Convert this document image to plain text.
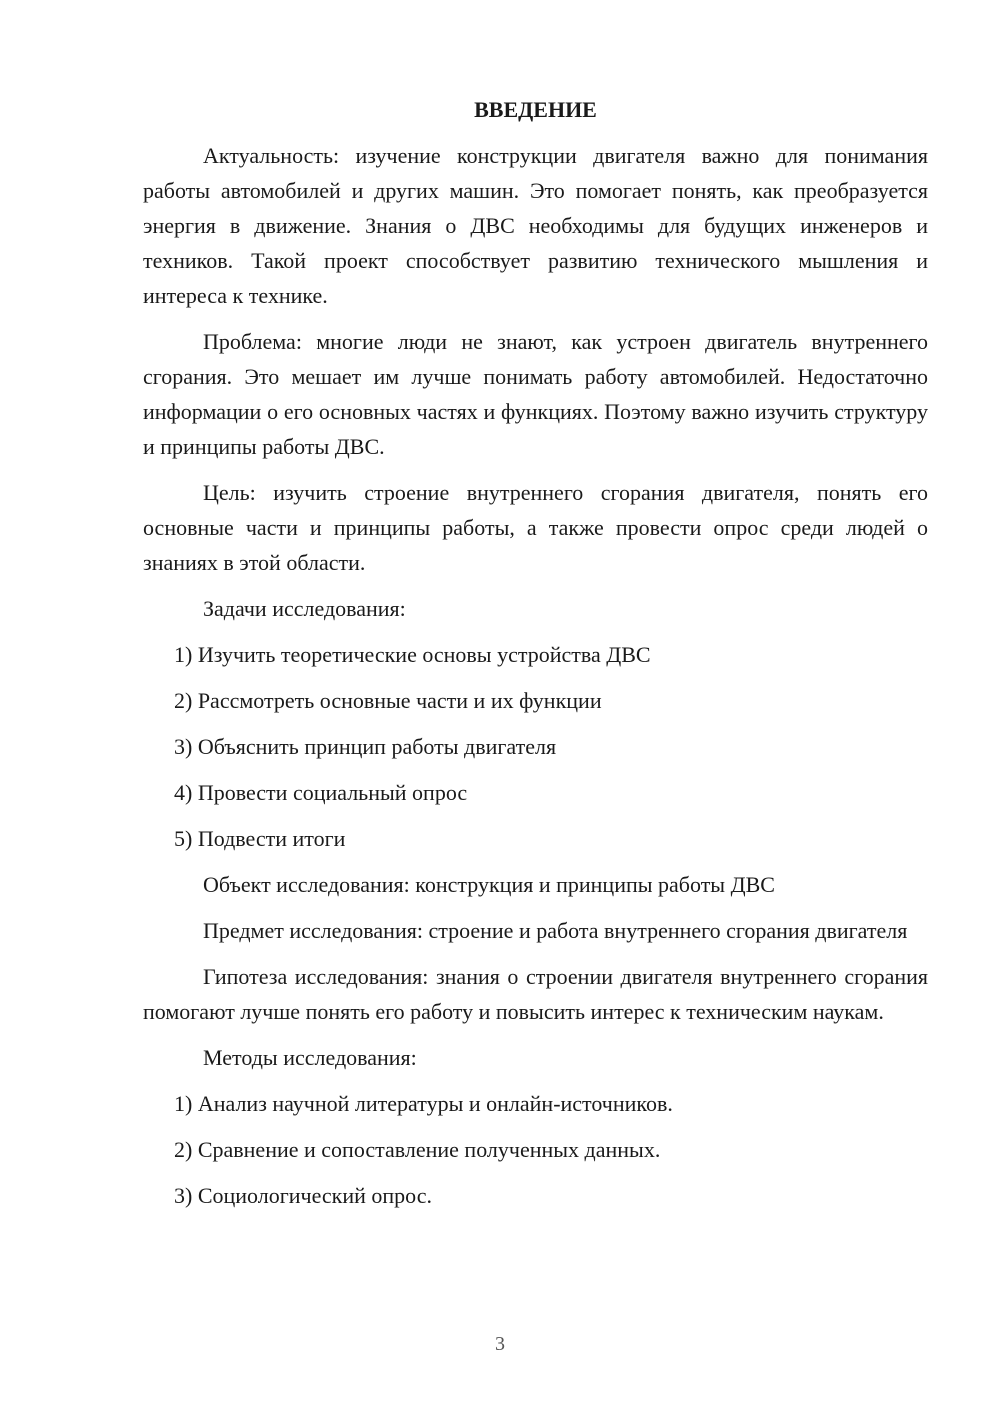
ВВЕДЕНИЕ

Актуальность: изучение конструкции двигателя важно для понимания работы автомобилей и других машин. Это помогает понять, как преобразуется энергия в движение. Знания о ДВС необходимы для будущих инженеров и техников. Такой проект способствует развитию технического мышления и интереса к технике.

Проблема: многие люди не знают, как устроен двигатель внутреннего сгорания. Это мешает им лучше понимать работу автомобилей. Недостаточно информации о его основных частях и функциях. Поэтому важно изучить структуру и принципы работы ДВС.

Цель: изучить строение внутреннего сгорания двигателя, понять его основные части и принципы работы, а также провести опрос среди людей о знаниях в этой области.

Задачи исследования:

1) Изучить теоретические основы устройства ДВС

2) Рассмотреть основные части и их функции

3) Объяснить принцип работы двигателя

4) Провести социальный опрос

5) Подвести итоги

Объект исследования: конструкция и принципы работы ДВС

Предмет исследования: строение и работа внутреннего сгорания двигателя

Гипотеза исследования: знания о строении двигателя внутреннего сгорания помогают лучше понять его работу и повысить интерес к техническим наукам.

Методы исследования:

1) Анализ научной литературы и онлайн-источников.

2) Сравнение и сопоставление полученных данных.

3) Социологический опрос.

3
